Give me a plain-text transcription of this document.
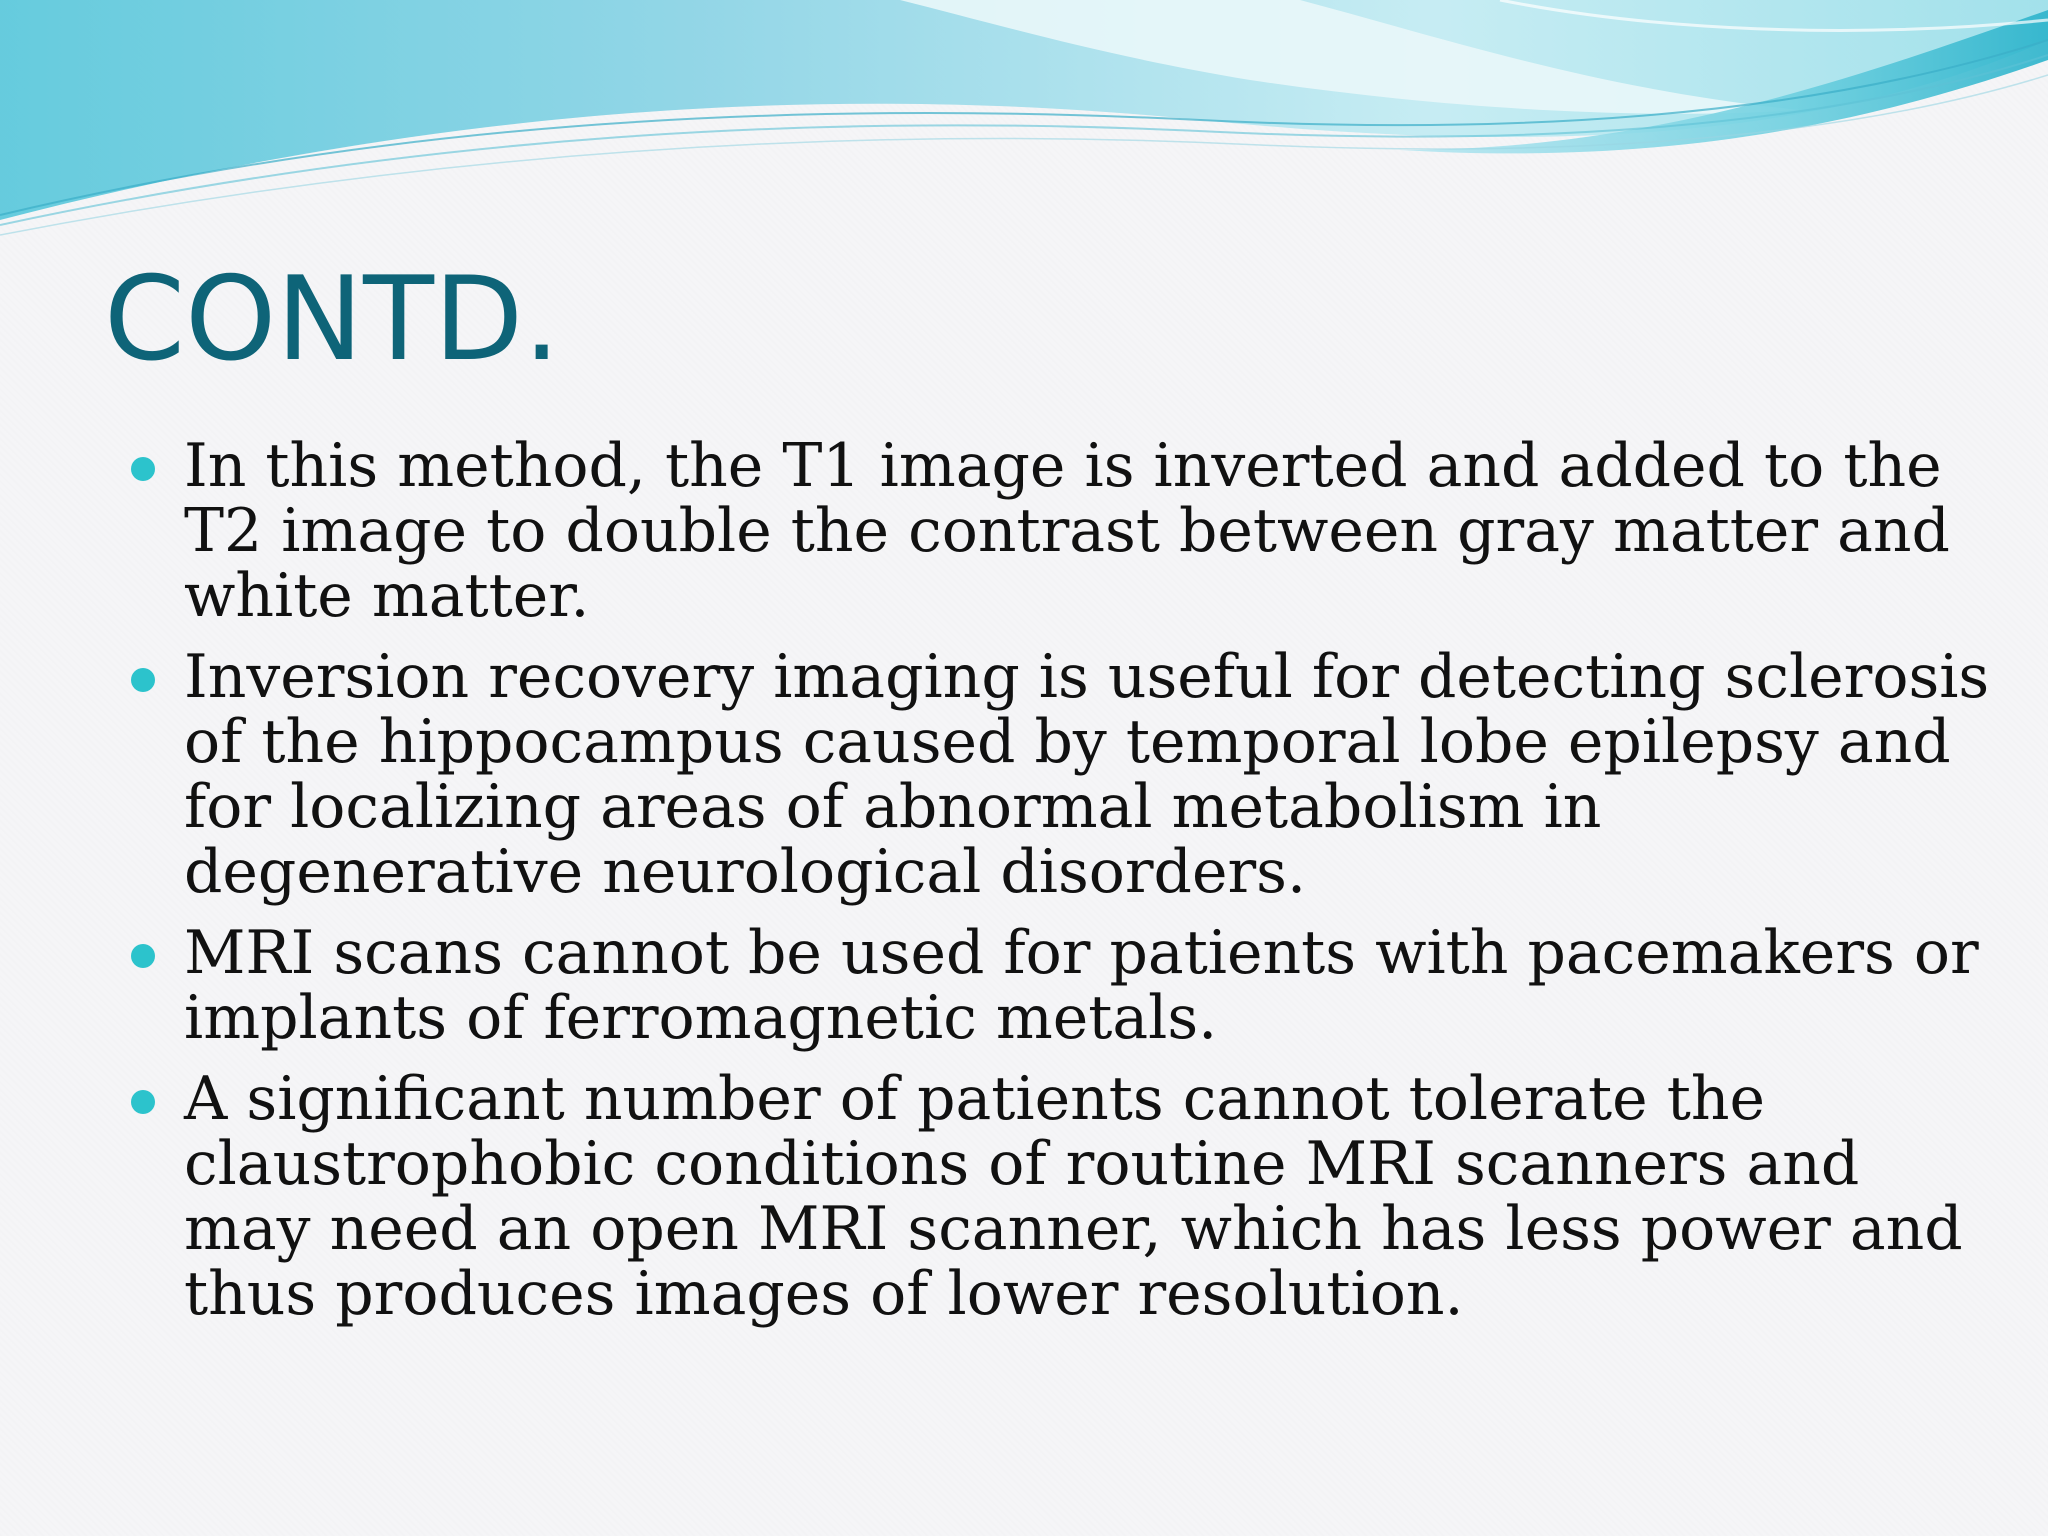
CONTD.
In this method, the T1 image is inverted and added to the
T2 image to double the contrast between gray matter and
white matter.
Inversion recovery imaging is useful for detecting sclerosis
of the hippocampus caused by temporal lobe epilepsy and
for localizing areas of abnormal metabolism in
degenerative neurological disorders.
MRI scans cannot be used for patients with pacemakers or
implants of ferromagnetic metals.
A significant number of patients cannot tolerate the
claustrophobic conditions of routine MRI scanners and
may need an open MRI scanner, which has less power and
thus produces images of lower resolution.
